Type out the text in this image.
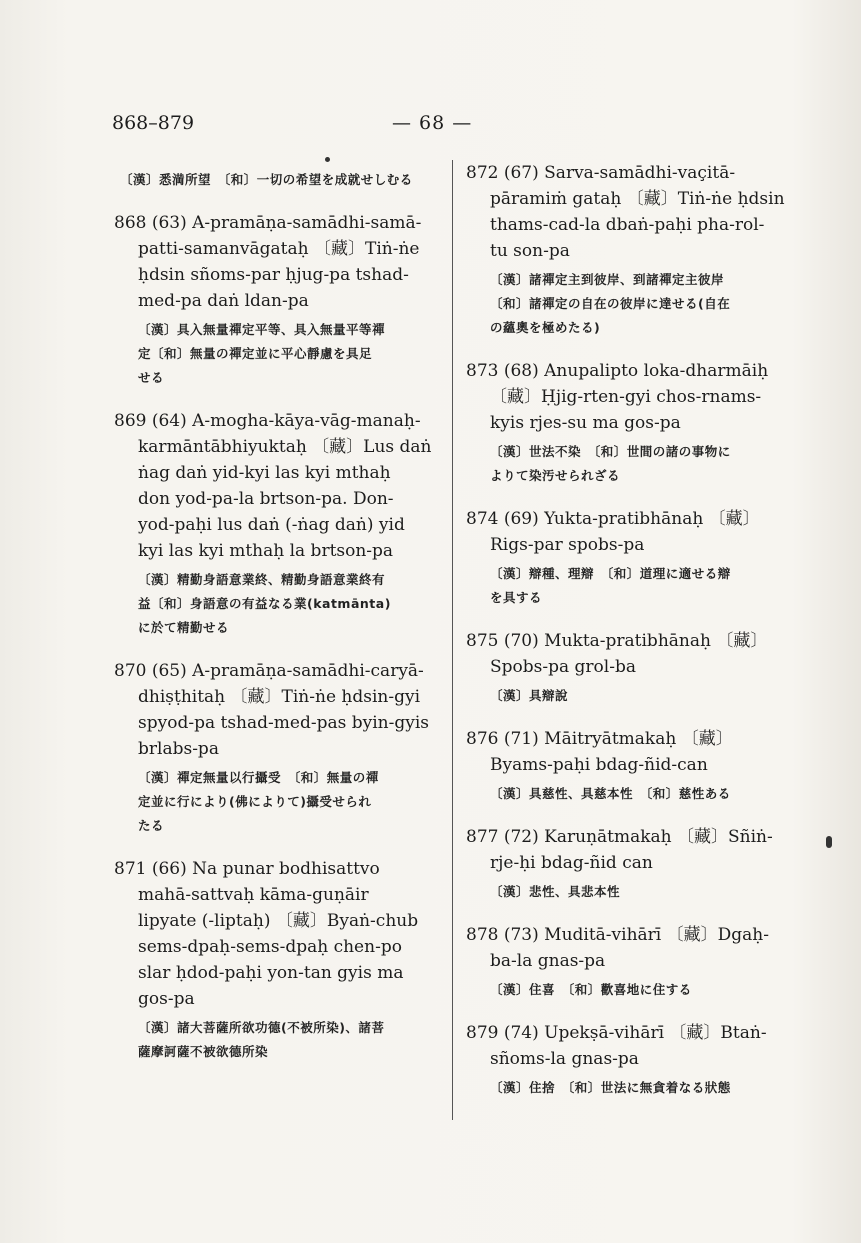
868–879	— 68 —
〔漢〕悉満所望　〔和〕一切の希望を成就せしむる
868 (63) A-pramāṇa-samādhi-samā-
patti-samanvāgataḥ 〔藏〕Tiṅ-ṅe
ḥdsin sñoms-par ḥjug-pa tshad-
med-pa daṅ ldan-pa
〔漢〕具入無量禪定平等、具入無量平等禪
定〔和〕無量の禪定並に平心靜慮を具足
せる
869 (64) A-mogha-kāya-vāg-manaḥ-
karmāntābhiyuktaḥ 〔藏〕Lus daṅ
ṅag daṅ yid-kyi las kyi mthaḥ
don yod-pa-la brtson-pa. Don-
yod-paḥi lus daṅ (-ṅag daṅ) yid
kyi las kyi mthaḥ la brtson-pa
〔漢〕精勤身語意業終、精勤身語意業終有
益〔和〕身語意の有益なる業(katmānta)
に於て精勤せる
870 (65) A-pramāṇa-samādhi-caryā-
dhiṣṭhitaḥ 〔藏〕Tiṅ-ṅe ḥdsin-gyi
spyod-pa tshad-med-pas byin-gyis
brlabs-pa
〔漢〕禪定無量以行攝受　〔和〕無量の禪
定並に行により(佛によりて)攝受せられ
たる
871 (66) Na punar bodhisattvo
mahā-sattvaḥ kāma-guṇāir
lipyate (-liptaḥ) 〔藏〕Byaṅ-chub
sems-dpaḥ-sems-dpaḥ chen-po
slar ḥdod-paḥi yon-tan gyis ma
gos-pa
〔漢〕諸大菩薩所欲功德(不被所染)、諸菩
薩摩訶薩不被欲德所染
872 (67) Sarva-samādhi-vaçitā-
pāramiṁ gataḥ 〔藏〕Tiṅ-ṅe ḥdsin
thams-cad-la dbaṅ-paḥi pha-rol-
tu son-pa
〔漢〕諸禪定主到彼岸、到諸禪定主彼岸
〔和〕諸禪定の自在の彼岸に達せる(自在
の蘊奧を極めたる)
873 (68) Anupalipto loka-dharmāiḥ
〔藏〕Ḥjig-rten-gyi chos-rnams-
kyis rjes-su ma gos-pa
〔漢〕世法不染　〔和〕世間の諸の事物に
よりて染汚せられざる
874 (69) Yukta-pratibhānaḥ 〔藏〕
Rigs-par spobs-pa
〔漢〕辯種、理辯　〔和〕道理に適せる辯
を具する
875 (70) Mukta-pratibhānaḥ 〔藏〕
Spobs-pa grol-ba
〔漢〕具辯說
876 (71) Māitryātmakaḥ 〔藏〕
Byams-paḥi bdag-ñid-can
〔漢〕具慈性、具慈本性　〔和〕慈性ある
877 (72) Karuṇātmakaḥ 〔藏〕Sñiṅ-
rje-ḥi bdag-ñid can
〔漢〕悲性、具悲本性
878 (73) Muditā-vihārī 〔藏〕Dgaḥ-
ba-la gnas-pa
〔漢〕住喜　〔和〕歡喜地に住する
879 (74) Upekṣā-vihārī 〔藏〕Btaṅ-
sñoms-la gnas-pa
〔漢〕住捨　〔和〕世法に無貪着なる狀態
